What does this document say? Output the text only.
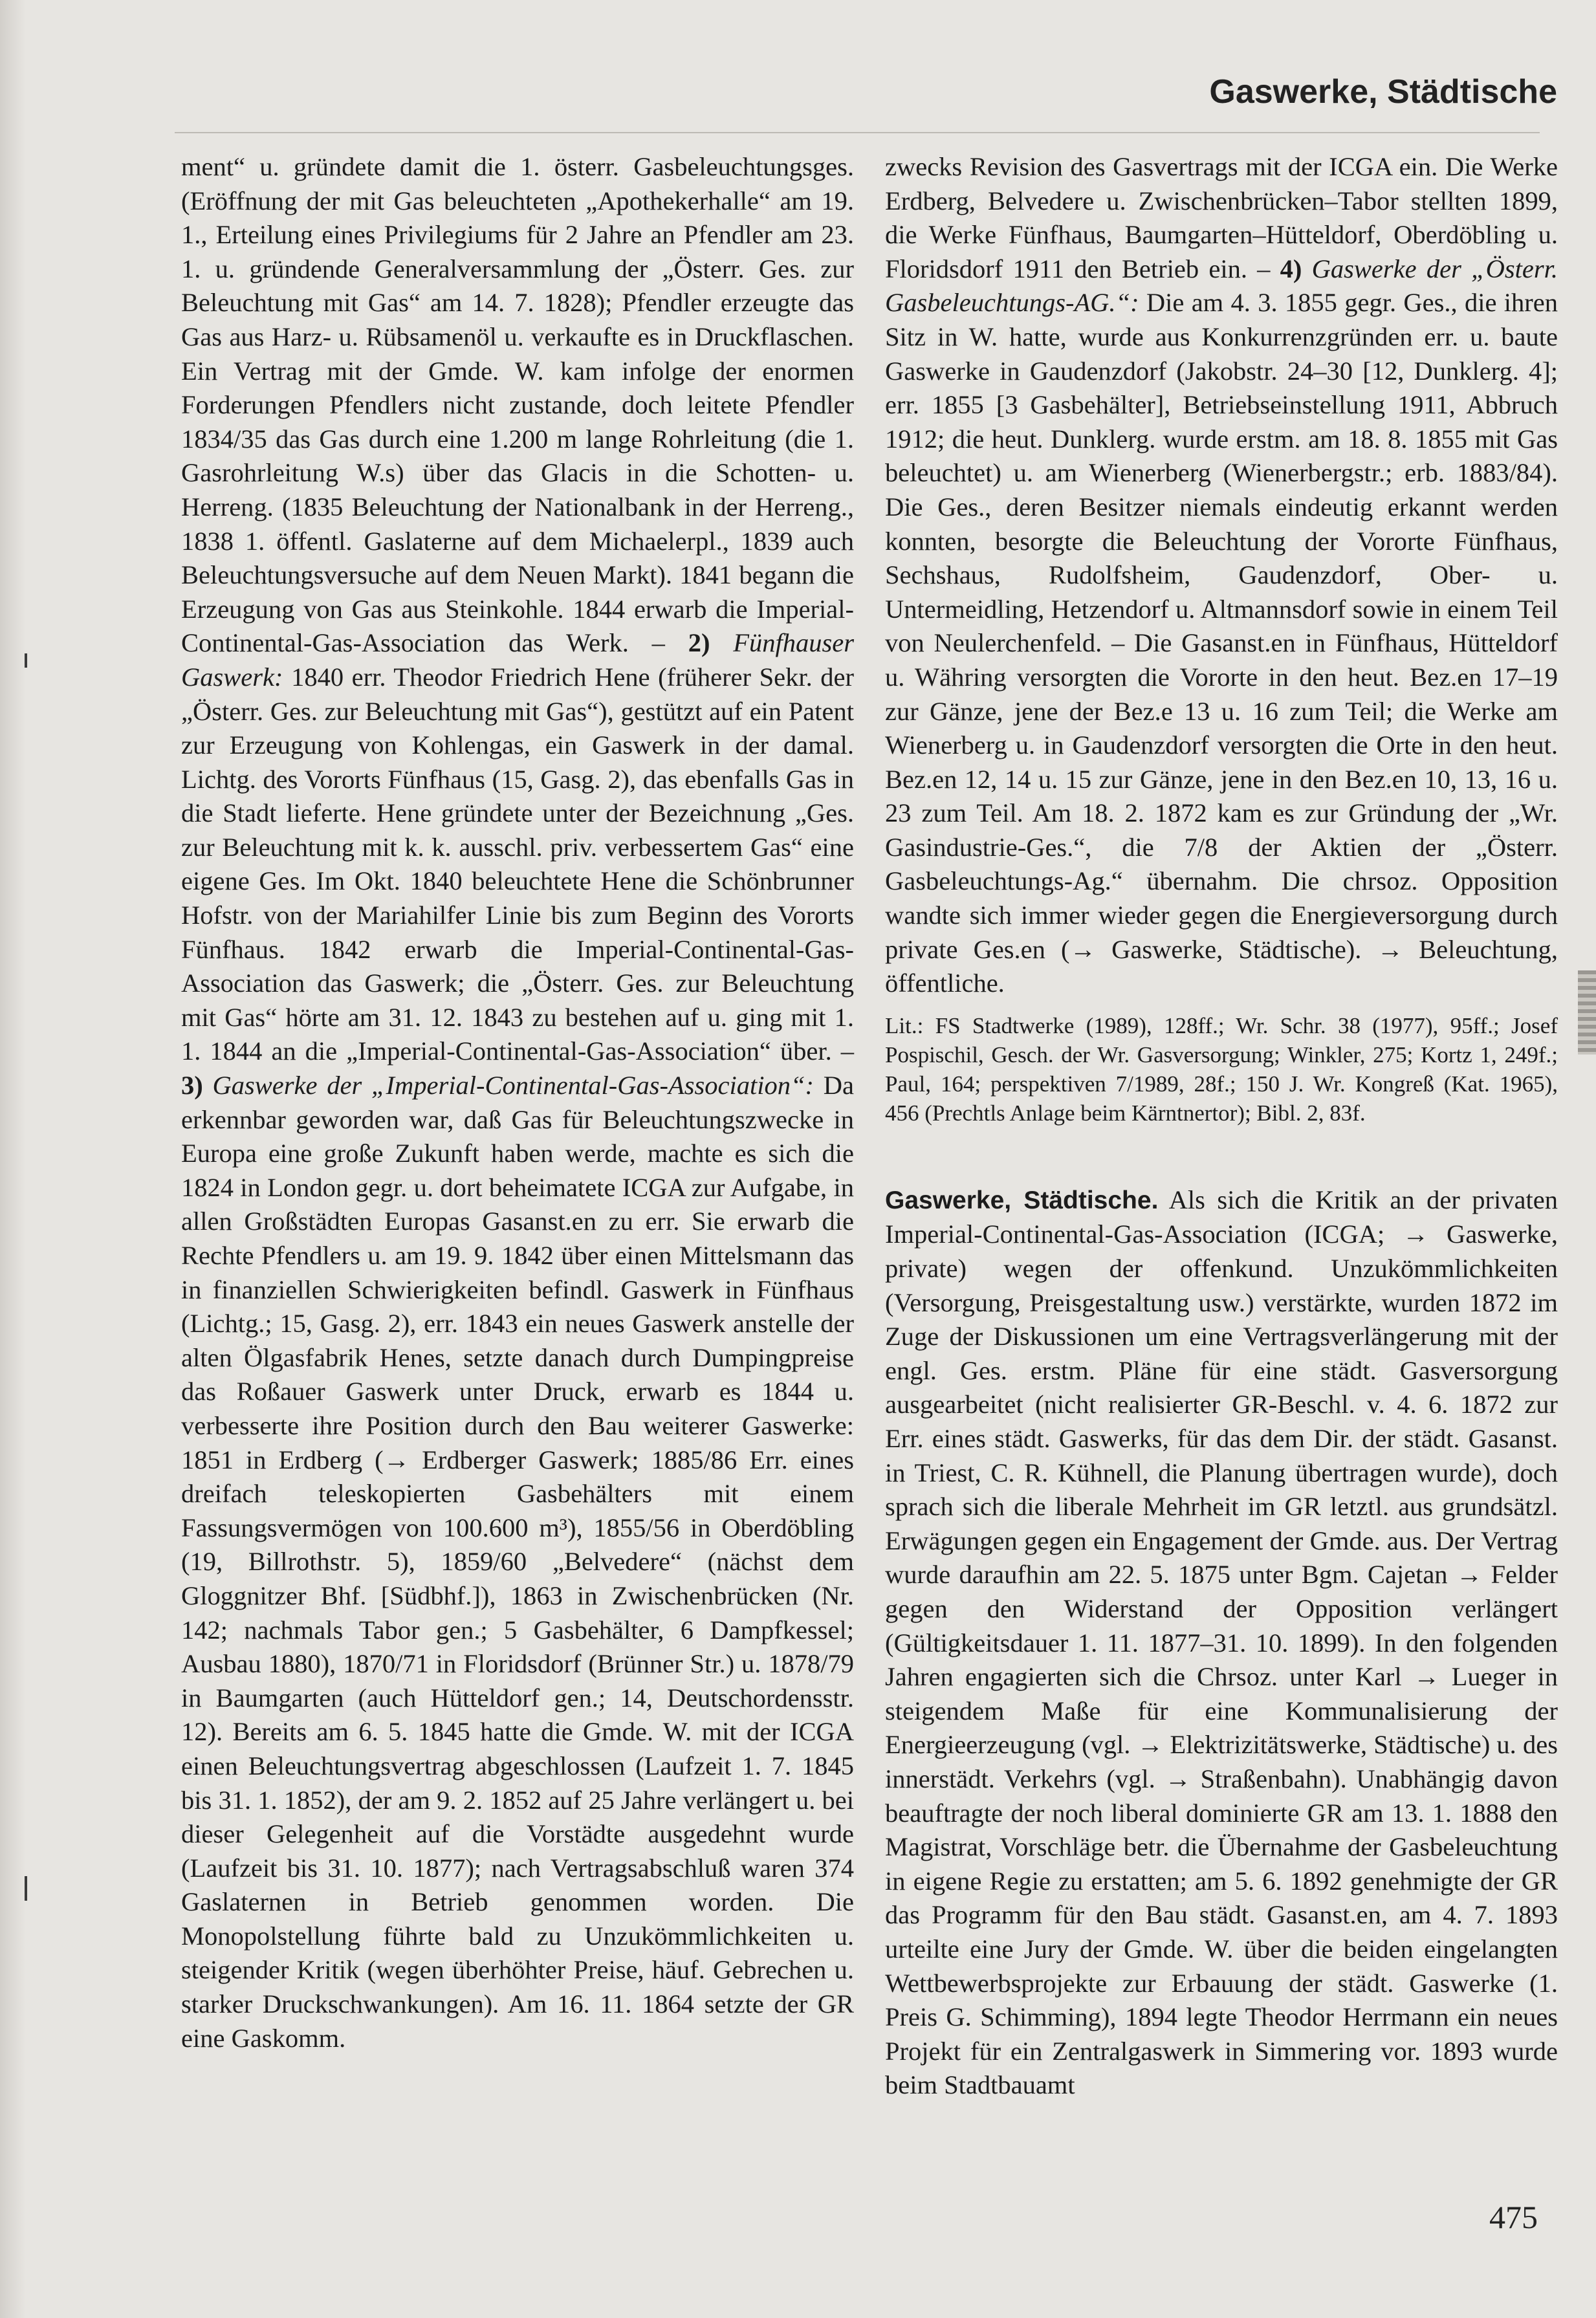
Gaswerke, Städtische

ment“ u. gründete damit die 1. österr. Gasbeleuchtungsges. (Eröffnung der mit Gas beleuchteten „Apothekerhalle“ am 19. 1., Erteilung eines Privilegiums für 2 Jahre an Pfendler am 23. 1. u. gründende Generalversammlung der „Österr. Ges. zur Beleuchtung mit Gas“ am 14. 7. 1828); Pfendler erzeugte das Gas aus Harz- u. Rübsamenöl u. verkaufte es in Druckflaschen. Ein Vertrag mit der Gmde. W. kam infolge der enormen Forderungen Pfendlers nicht zustande, doch leitete Pfendler 1834/35 das Gas durch eine 1.200 m lange Rohrleitung (die 1. Gasrohrleitung W.s) über das Glacis in die Schotten- u. Herreng. (1835 Beleuchtung der Nationalbank in der Herreng., 1838 1. öffentl. Gaslaterne auf dem Michaelerpl., 1839 auch Beleuchtungsversuche auf dem Neuen Markt). 1841 begann die Erzeugung von Gas aus Steinkohle. 1844 erwarb die Imperial-Continental-Gas-Association das Werk. – 2) Fünfhauser Gaswerk: 1840 err. Theodor Friedrich Hene (früherer Sekr. der „Österr. Ges. zur Beleuchtung mit Gas“), gestützt auf ein Patent zur Erzeugung von Kohlengas, ein Gaswerk in der damal. Lichtg. des Vororts Fünfhaus (15, Gasg. 2), das ebenfalls Gas in die Stadt lieferte. Hene gründete unter der Bezeichnung „Ges. zur Beleuchtung mit k. k. ausschl. priv. verbessertem Gas“ eine eigene Ges. Im Okt. 1840 beleuchtete Hene die Schönbrunner Hofstr. von der Mariahilfer Linie bis zum Beginn des Vororts Fünfhaus. 1842 erwarb die Imperial-Continental-Gas-Association das Gaswerk; die „Österr. Ges. zur Beleuchtung mit Gas“ hörte am 31. 12. 1843 zu bestehen auf u. ging mit 1. 1. 1844 an die „Imperial-Continental-Gas-Association“ über. – 3) Gaswerke der „Imperial-Continental-Gas-Association“: Da erkennbar geworden war, daß Gas für Beleuchtungszwecke in Europa eine große Zukunft haben werde, machte es sich die 1824 in London gegr. u. dort beheimatete ICGA zur Aufgabe, in allen Großstädten Europas Gasanst.en zu err. Sie erwarb die Rechte Pfendlers u. am 19. 9. 1842 über einen Mittelsmann das in finanziellen Schwierigkeiten befindl. Gaswerk in Fünfhaus (Lichtg.; 15, Gasg. 2), err. 1843 ein neues Gaswerk anstelle der alten Ölgasfabrik Henes, setzte danach durch Dumpingpreise das Roßauer Gaswerk unter Druck, erwarb es 1844 u. verbesserte ihre Position durch den Bau weiterer Gaswerke: 1851 in Erdberg (→ Erdberger Gaswerk; 1885/86 Err. eines dreifach teleskopierten Gasbehälters mit einem Fassungsvermögen von 100.600 m³), 1855/56 in Oberdöbling (19, Billrothstr. 5), 1859/60 „Belvedere“ (nächst dem Gloggnitzer Bhf. [Südbhf.]), 1863 in Zwischenbrücken (Nr. 142; nachmals Tabor gen.; 5 Gasbehälter, 6 Dampfkessel; Ausbau 1880), 1870/71 in Floridsdorf (Brünner Str.) u. 1878/79 in Baumgarten (auch Hütteldorf gen.; 14, Deutschordensstr. 12). Bereits am 6. 5. 1845 hatte die Gmde. W. mit der ICGA einen Beleuchtungsvertrag abgeschlossen (Laufzeit 1. 7. 1845 bis 31. 1. 1852), der am 9. 2. 1852 auf 25 Jahre verlängert u. bei dieser Gelegenheit auf die Vorstädte ausgedehnt wurde (Laufzeit bis 31. 10. 1877); nach Vertragsabschluß waren 374 Gaslaternen in Betrieb genommen worden. Die Monopolstellung führte bald zu Unzukömmlichkeiten u. steigender Kritik (wegen überhöhter Preise, häuf. Gebrechen u. starker Druckschwankungen). Am 16. 11. 1864 setzte der GR eine Gaskomm.

zwecks Revision des Gasvertrags mit der ICGA ein. Die Werke Erdberg, Belvedere u. Zwischenbrücken–Tabor stellten 1899, die Werke Fünfhaus, Baumgarten–Hütteldorf, Oberdöbling u. Floridsdorf 1911 den Betrieb ein. – 4) Gaswerke der „Österr. Gasbeleuchtungs-AG.“: Die am 4. 3. 1855 gegr. Ges., die ihren Sitz in W. hatte, wurde aus Konkurrenzgründen err. u. baute Gaswerke in Gaudenzdorf (Jakobstr. 24–30 [12, Dunklerg. 4]; err. 1855 [3 Gasbehälter], Betriebseinstellung 1911, Abbruch 1912; die heut. Dunklerg. wurde erstm. am 18. 8. 1855 mit Gas beleuchtet) u. am Wienerberg (Wienerbergstr.; erb. 1883/84). Die Ges., deren Besitzer niemals eindeutig erkannt werden konnten, besorgte die Beleuchtung der Vororte Fünfhaus, Sechshaus, Rudolfsheim, Gaudenzdorf, Ober- u. Untermeidling, Hetzendorf u. Altmannsdorf sowie in einem Teil von Neulerchenfeld. – Die Gasanst.en in Fünfhaus, Hütteldorf u. Währing versorgten die Vororte in den heut. Bez.en 17–19 zur Gänze, jene der Bez.e 13 u. 16 zum Teil; die Werke am Wienerberg u. in Gaudenzdorf versorgten die Orte in den heut. Bez.en 12, 14 u. 15 zur Gänze, jene in den Bez.en 10, 13, 16 u. 23 zum Teil. Am 18. 2. 1872 kam es zur Gründung der „Wr. Gasindustrie-Ges.“, die 7/8 der Aktien der „Österr. Gasbeleuchtungs-Ag.“ übernahm. Die chrsoz. Opposition wandte sich immer wieder gegen die Energieversorgung durch private Ges.en (→ Gaswerke, Städtische). → Beleuchtung, öffentliche.

Lit.: FS Stadtwerke (1989), 128ff.; Wr. Schr. 38 (1977), 95ff.; Josef Pospischil, Gesch. der Wr. Gasversorgung; Winkler, 275; Kortz 1, 249f.; Paul, 164; perspektiven 7/1989, 28f.; 150 J. Wr. Kongreß (Kat. 1965), 456 (Prechtls Anlage beim Kärntnertor); Bibl. 2, 83f.

Gaswerke, Städtische. Als sich die Kritik an der privaten Imperial-Continental-Gas-Association (ICGA; → Gaswerke, private) wegen der offenkund. Unzukömmlichkeiten (Versorgung, Preisgestaltung usw.) verstärkte, wurden 1872 im Zuge der Diskussionen um eine Vertragsverlängerung mit der engl. Ges. erstm. Pläne für eine städt. Gasversorgung ausgearbeitet (nicht realisierter GR-Beschl. v. 4. 6. 1872 zur Err. eines städt. Gaswerks, für das dem Dir. der städt. Gasanst. in Triest, C. R. Kühnell, die Planung übertragen wurde), doch sprach sich die liberale Mehrheit im GR letztl. aus grundsätzl. Erwägungen gegen ein Engagement der Gmde. aus. Der Vertrag wurde daraufhin am 22. 5. 1875 unter Bgm. Cajetan → Felder gegen den Widerstand der Opposition verlängert (Gültigkeitsdauer 1. 11. 1877–31. 10. 1899). In den folgenden Jahren engagierten sich die Chrsoz. unter Karl → Lueger in steigendem Maße für eine Kommunalisierung der Energieerzeugung (vgl. → Elektrizitätswerke, Städtische) u. des innerstädt. Verkehrs (vgl. → Straßenbahn). Unabhängig davon beauftragte der noch liberal dominierte GR am 13. 1. 1888 den Magistrat, Vorschläge betr. die Übernahme der Gasbeleuchtung in eigene Regie zu erstatten; am 5. 6. 1892 genehmigte der GR das Programm für den Bau städt. Gasanst.en, am 4. 7. 1893 urteilte eine Jury der Gmde. W. über die beiden eingelangten Wettbewerbsprojekte zur Erbauung der städt. Gaswerke (1. Preis G. Schimming), 1894 legte Theodor Herrmann ein neues Projekt für ein Zentralgaswerk in Simmering vor. 1893 wurde beim Stadtbauamt

475
